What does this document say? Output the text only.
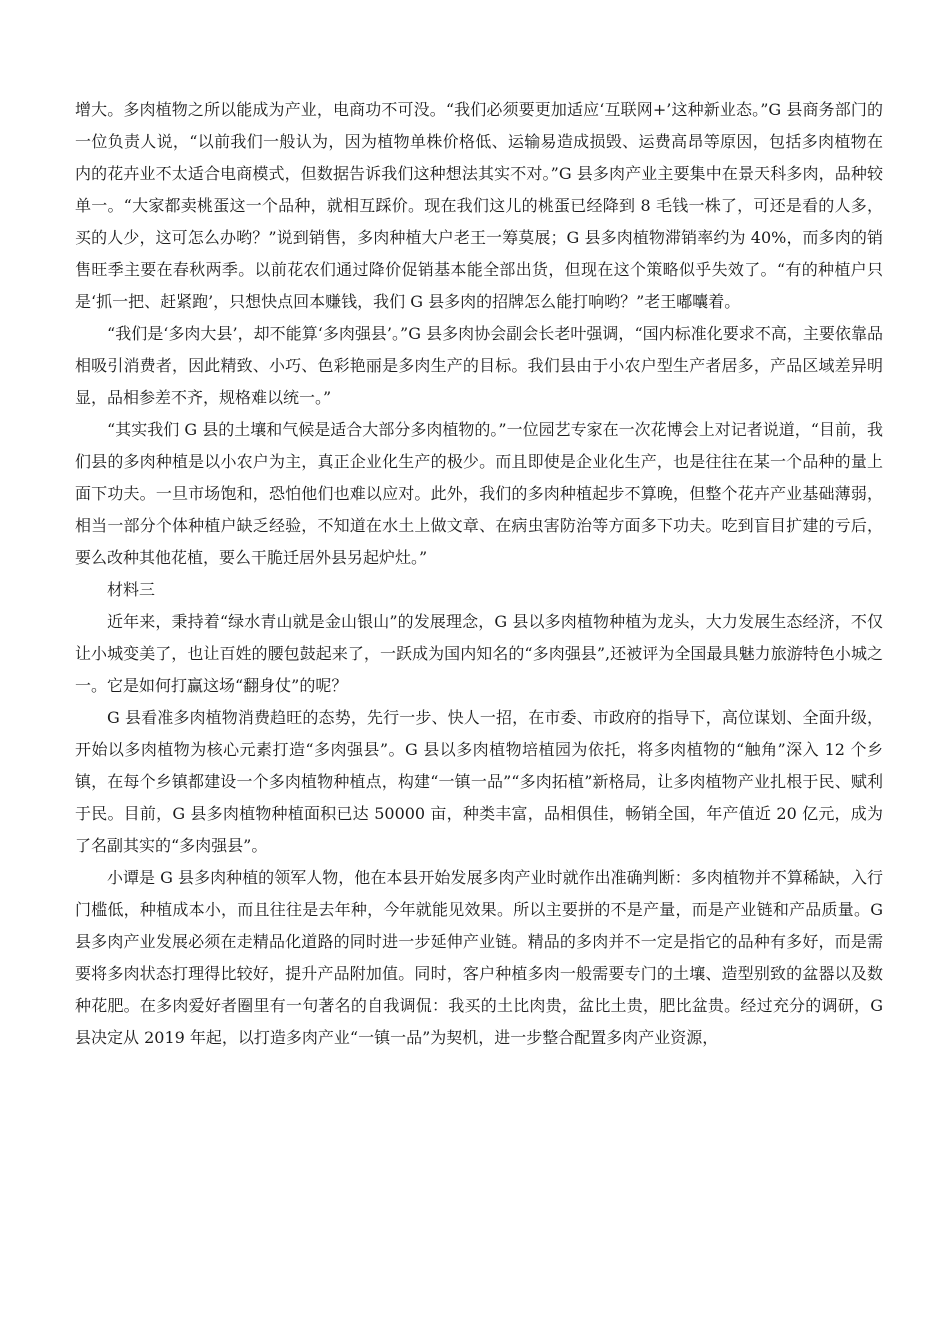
增大。多肉植物之所以能成为产业，电商功不可没。“我们必须要更加适应‘互联网+’这种新业态。”G 县商务部门的一位负责人说，“以前我们一般认为，因为植物单株价格低、运输易造成损毁、运费高昂等原因，包括多肉植物在内的花卉业不太适合电商模式，但数据告诉我们这种想法其实不对。”G 县多肉产业主要集中在景天科多肉，品种较单一。“大家都卖桃蛋这一个品种，就相互踩价。现在我们这儿的桃蛋已经降到 8 毛钱一株了，可还是看的人多，买的人少，这可怎么办哟？”说到销售，多肉种植大户老王一筹莫展；G 县多肉植物滞销率约为 40%，而多肉的销售旺季主要在春秋两季。以前花农们通过降价促销基本能全部出货，但现在这个策略似乎失效了。“有的种植户只是‘抓一把、赶紧跑’，只想快点回本赚钱，我们 G 县多肉的招牌怎么能打响哟？”老王嘟囔着。

“我们是‘多肉大县’，却不能算‘多肉强县’。”G 县多肉协会副会长老叶强调，“国内标准化要求不高，主要依靠品相吸引消费者，因此精致、小巧、色彩艳丽是多肉生产的目标。我们县由于小农户型生产者居多，产品区域差异明显，品相参差不齐，规格难以统一。”

“其实我们 G 县的土壤和气候是适合大部分多肉植物的。”一位园艺专家在一次花博会上对记者说道，“目前，我们县的多肉种植是以小农户为主，真正企业化生产的极少。而且即使是企业化生产，也是往往在某一个品种的量上面下功夫。一旦市场饱和，恐怕他们也难以应对。此外，我们的多肉种植起步不算晚，但整个花卉产业基础薄弱，相当一部分个体种植户缺乏经验，不知道在水土上做文章、在病虫害防治等方面多下功夫。吃到盲目扩建的亏后，要么改种其他花植，要么干脆迁居外县另起炉灶。”

材料三

近年来，秉持着“绿水青山就是金山银山”的发展理念，G 县以多肉植物种植为龙头，大力发展生态经济，不仅让小城变美了，也让百姓的腰包鼓起来了，一跃成为国内知名的“多肉强县”,还被评为全国最具魅力旅游特色小城之一。它是如何打赢这场“翻身仗”的呢？

G 县看准多肉植物消费趋旺的态势，先行一步、快人一招，在市委、市政府的指导下，高位谋划、全面升级，开始以多肉植物为核心元素打造“多肉强县”。G 县以多肉植物培植园为依托，将多肉植物的“触角”深入 12 个乡镇，在每个乡镇都建设一个多肉植物种植点，构建“一镇一品”“多肉拓植”新格局，让多肉植物产业扎根于民、赋利于民。目前，G 县多肉植物种植面积已达 50000 亩，种类丰富，品相俱佳，畅销全国，年产值近 20 亿元，成为了名副其实的“多肉强县”。

小谭是 G 县多肉种植的领军人物，他在本县开始发展多肉产业时就作出准确判断：多肉植物并不算稀缺，入行门槛低，种植成本小，而且往往是去年种，今年就能见效果。所以主要拼的不是产量，而是产业链和产品质量。G 县多肉产业发展必须在走精品化道路的同时进一步延伸产业链。精品的多肉并不一定是指它的品种有多好，而是需要将多肉状态打理得比较好，提升产品附加值。同时，客户种植多肉一般需要专门的土壤、造型别致的盆器以及数种花肥。在多肉爱好者圈里有一句著名的自我调侃：我买的土比肉贵，盆比土贵，肥比盆贵。经过充分的调研，G 县决定从 2019 年起，以打造多肉产业“一镇一品”为契机，进一步整合配置多肉产业资源，
